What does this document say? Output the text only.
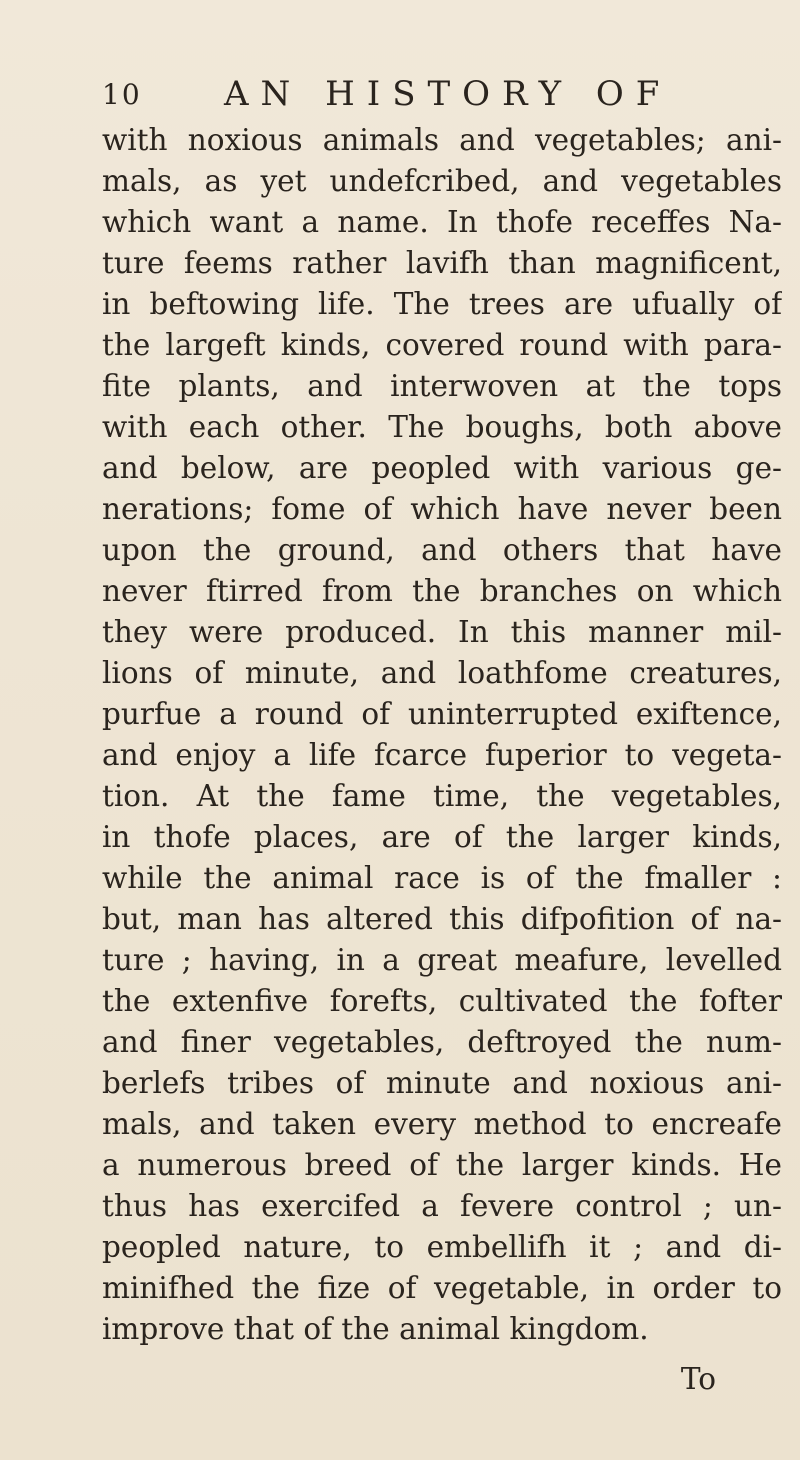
10 AN HISTORY OF
with noxious animals and vegetables; ani-
mals, as yet undefcribed, and vegetables
which want a name. In thofe receffes Na-
ture feems rather lavifh than magnificent,
in beftowing life. The trees are ufually of
the largeft kinds, covered round with para-
fite plants, and interwoven at the tops
with each other. The boughs, both above
and below, are peopled with various ge-
nerations; fome of which have never been
upon the ground, and others that have
never ftirred from the branches on which
they were produced. In this manner mil-
lions of minute, and loathfome creatures,
purfue a round of uninterrupted exiftence,
and enjoy a life fcarce fuperior to vegeta-
tion. At the fame time, the vegetables,
in thofe places, are of the larger kinds,
while the animal race is of the fmaller :
but, man has altered this difpofition of na-
ture ; having, in a great meafure, levelled
the extenfive forefts, cultivated the fofter
and finer vegetables, deftroyed the num-
berlefs tribes of minute and noxious ani-
mals, and taken every method to encreafe
a numerous breed of the larger kinds. He
thus has exercifed a fevere control ; un-
peopled nature, to embellifh it ; and di-
minifhed the fize of vegetable, in order to
improve that of the animal kingdom.
To
